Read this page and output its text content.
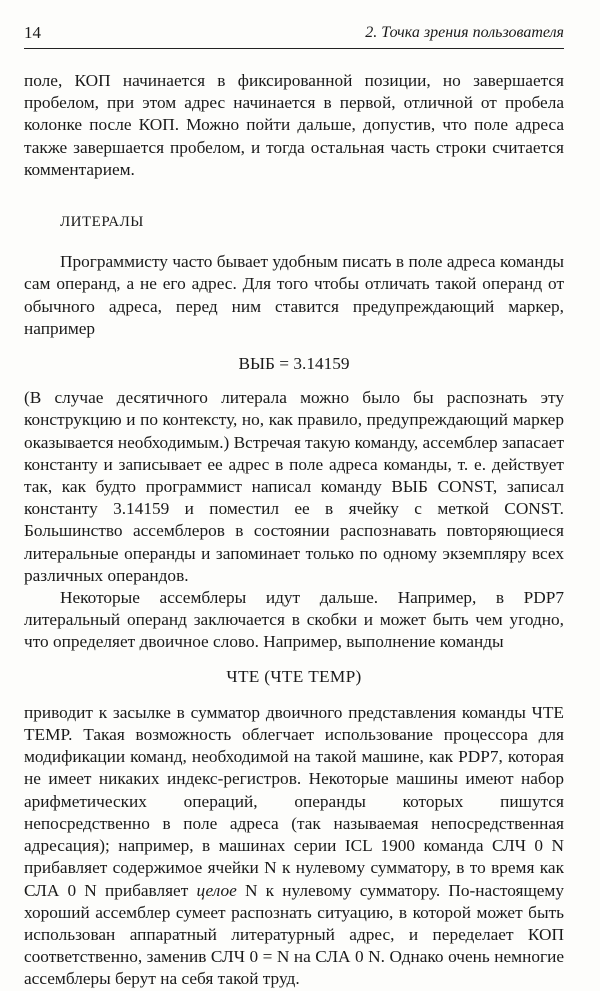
14	2. Точка зрения пользователя

поле, КОП начинается в фиксированной позиции, но завершается пробелом, при этом адрес начинается в первой, отличной от пробела колонке после КОП. Можно пойти дальше, допустив, что поле адреса также завершается пробелом, и тогда остальная часть строки считается комментарием.

ЛИТЕРАЛЫ

Программисту часто бывает удобным писать в поле адреса команды сам операнд, а не его адрес. Для того чтобы отличать такой операнд от обычного адреса, перед ним ставится предупреждающий маркер, например

ВЫБ = 3.14159

(В случае десятичного литерала можно было бы распознать эту конструкцию и по контексту, но, как правило, предупреждающий маркер оказывается необходимым.) Встречая такую команду, ассемблер запасает константу и записывает ее адрес в поле адреса команды, т. е. действует так, как будто программист написал команду ВЫБ CONST, записал константу 3.14159 и поместил ее в ячейку с меткой CONST. Большинство ассемблеров в состоянии распознавать повторяющиеся литеральные операнды и запоминает только по одному экземпляру всех различных операндов.

Некоторые ассемблеры идут дальше. Например, в PDP7 литеральный операнд заключается в скобки и может быть чем угодно, что определяет двоичное слово. Например, выполнение команды

ЧТЕ (ЧТЕ TEMP)

приводит к засылке в сумматор двоичного представления команды ЧТЕ TEMP. Такая возможность облегчает использование процессора для модификации команд, необходимой на такой машине, как PDP7, которая не имеет никаких индекс-регистров. Некоторые машины имеют набор арифметических операций, операнды которых пишутся непосредственно в поле адреса (так называемая непосредственная адресация); например, в машинах серии ICL 1900 команда СЛЧ 0 N прибавляет содержимое ячейки N к нулевому сумматору, в то время как СЛА 0 N прибавляет целое N к нулевому сумматору. По-настоящему хороший ассемблер сумеет распознать ситуацию, в которой может быть использован аппаратный литературный адрес, и переделает КОП соответственно, заменив СЛЧ 0 = N на СЛА 0 N. Однако очень немногие ассемблеры берут на себя такой труд.
